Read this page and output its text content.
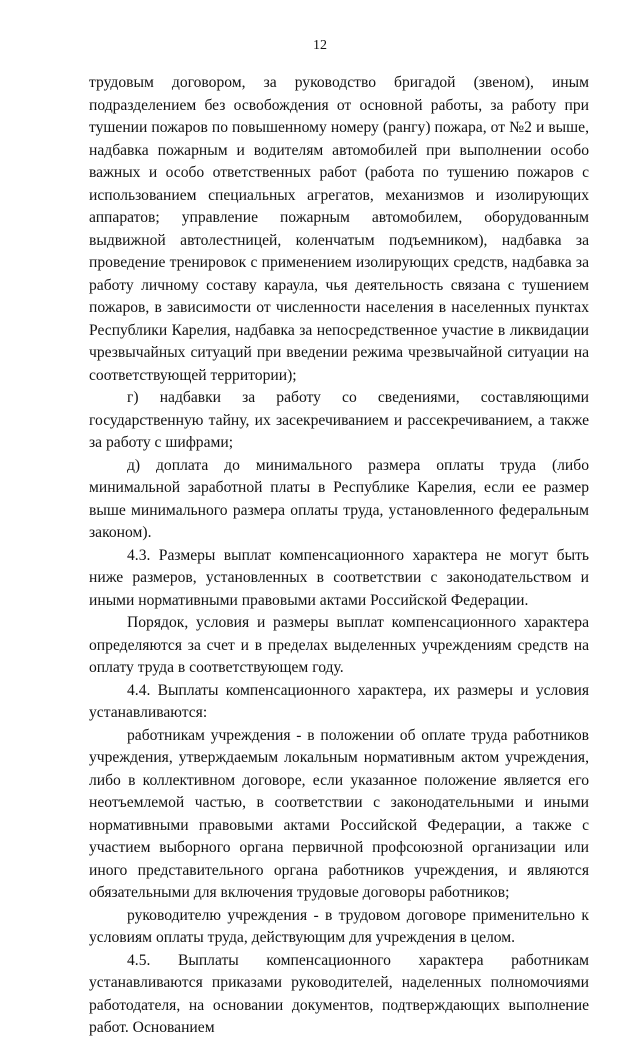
12

трудовым договором, за руководство бригадой (звеном), иным подразделением без освобождения от основной работы, за работу при тушении пожаров по повышенному номеру (рангу) пожара, от №2 и выше, надбавка пожарным и водителям автомобилей при выполнении особо важных и особо ответственных работ (работа по тушению пожаров с использованием специальных агрегатов, механизмов и изолирующих аппаратов; управление пожарным автомобилем, оборудованным выдвижной автолестницей, коленчатым подъемником), надбавка за проведение тренировок с применением изолирующих средств, надбавка за работу личному составу караула, чья деятельность связана с тушением пожаров, в зависимости от численности населения в населенных пунктах Республики Карелия, надбавка за непосредственное участие в ликвидации чрезвычайных ситуаций при введении режима чрезвычайной ситуации на соответствующей территории);

г) надбавки за работу со сведениями, составляющими государственную тайну, их засекречиванием и рассекречиванием, а также за работу с шифрами;

д) доплата до минимального размера оплаты труда (либо минимальной заработной платы в Республике Карелия, если ее размер выше минимального размера оплаты труда, установленного федеральным законом).

4.3. Размеры выплат компенсационного характера не могут быть ниже размеров, установленных в соответствии с законодательством и иными нормативными правовыми актами Российской Федерации.

Порядок, условия и размеры выплат компенсационного характера определяются за счет и в пределах выделенных учреждениям средств на оплату труда в соответствующем году.

4.4. Выплаты компенсационного характера, их размеры и условия устанавливаются:

работникам учреждения - в положении об оплате труда работников учреждения, утверждаемым локальным нормативным актом учреждения, либо в коллективном договоре, если указанное положение является его неотъемлемой частью, в соответствии с законодательными и иными нормативными правовыми актами Российской Федерации, а также с участием выборного органа первичной профсоюзной организации или иного представительного органа работников учреждения, и являются обязательными для включения трудовые договоры работников;

руководителю учреждения - в трудовом договоре применительно к условиям оплаты труда, действующим для учреждения в целом.

4.5. Выплаты компенсационного характера работникам устанавливаются приказами руководителей, наделенных полномочиями работодателя, на основании документов, подтверждающих выполнение работ. Основанием
